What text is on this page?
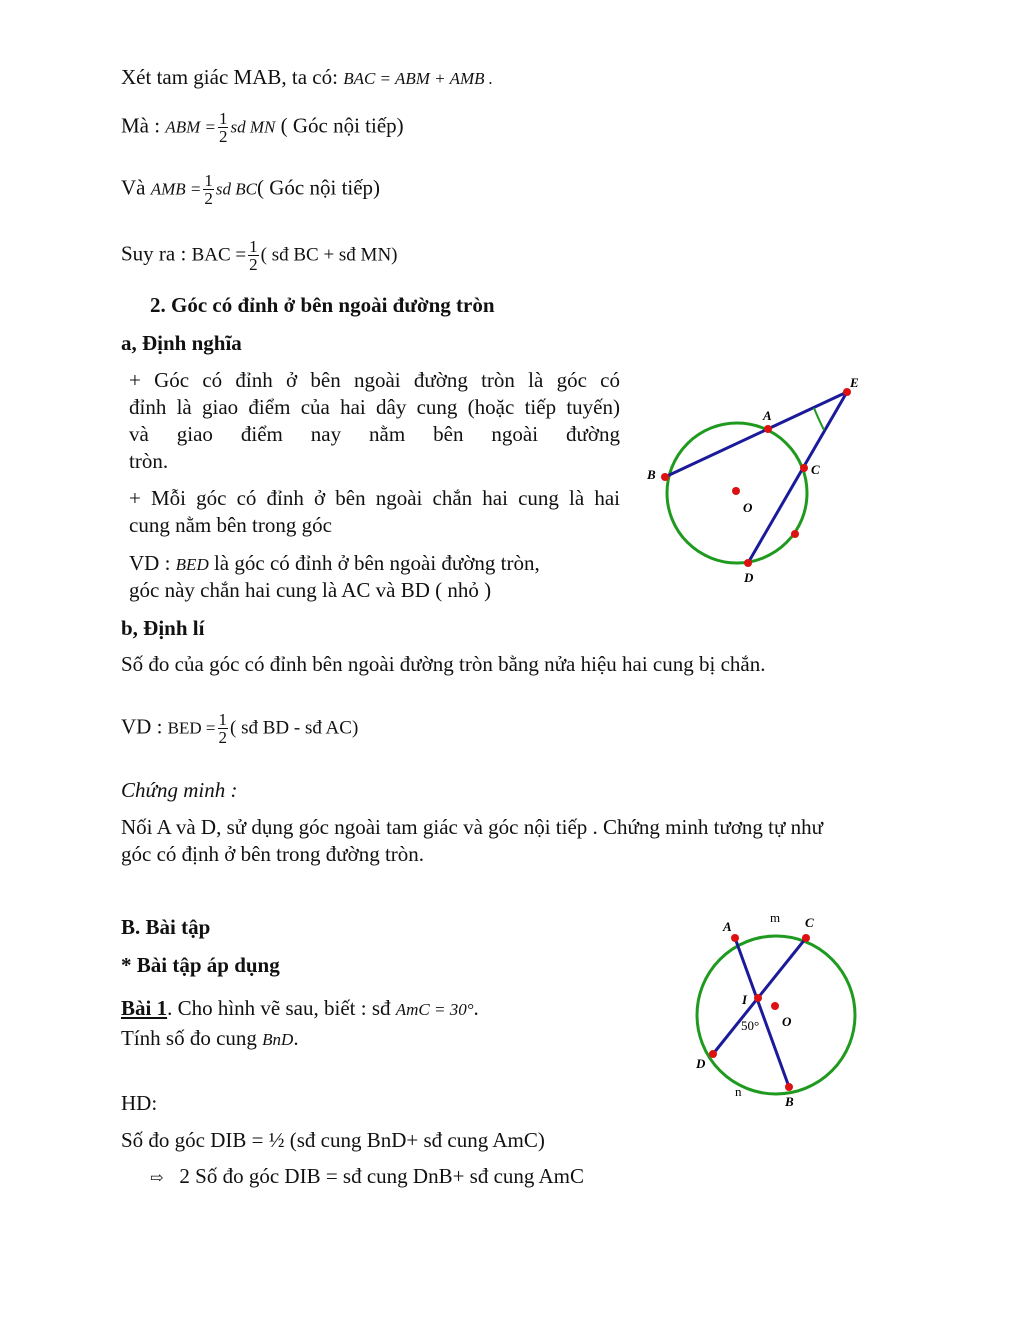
Xét tam giác MAB, ta có: BAC = ABM + AMB .
Mà : ABM = $\frac{1}{2}$ sd MN ( Góc nội tiếp)
Và AMB = $\frac{1}{2}$ sd BC( Góc nội tiếp)
Suy ra : BAC = $\frac{1}{2}$ ( sđ BC + sđ MN)
2. Góc có đỉnh ở bên ngoài đường tròn
a, Định nghĩa
+ Góc có đỉnh ở bên ngoài đường tròn là góc có
đỉnh là giao điểm của hai dây cung (hoặc tiếp tuyến)
và giao điểm nay nằm bên ngoài đường
tròn.
+ Mỗi góc có đỉnh ở bên ngoài chắn hai cung là hai
cung nằm bên trong góc
VD : BED là góc có đỉnh ở bên ngoài đường tròn,
góc này chắn hai cung là AC và BD ( nhỏ )
E
A
B	C
O
D
b, Định lí
Số đo của góc có đỉnh bên ngoài đường tròn bằng nửa hiệu hai cung bị chắn.
VD : BED = $\frac{1}{2}$ ( sđ BD - sđ AC)
Chứng minh :
Nối A và D, sử dụng góc ngoài tam giác và góc nội tiếp . Chứng minh tương tự như
góc có định ở bên trong đường tròn.
B. Bài tập
* Bài tập áp dụng
Bài 1. Cho hình vẽ sau, biết : sđ AmC = 30°.
Tính số đo cung BnD.
HD:
Số đo góc DIB = ½ (sđ cung BnD+ sđ cung AmC)
⇨ 2 Số đo góc DIB = sđ cung DnB+ sđ cung AmC
A
m C
I
O
50°
D
n
B
